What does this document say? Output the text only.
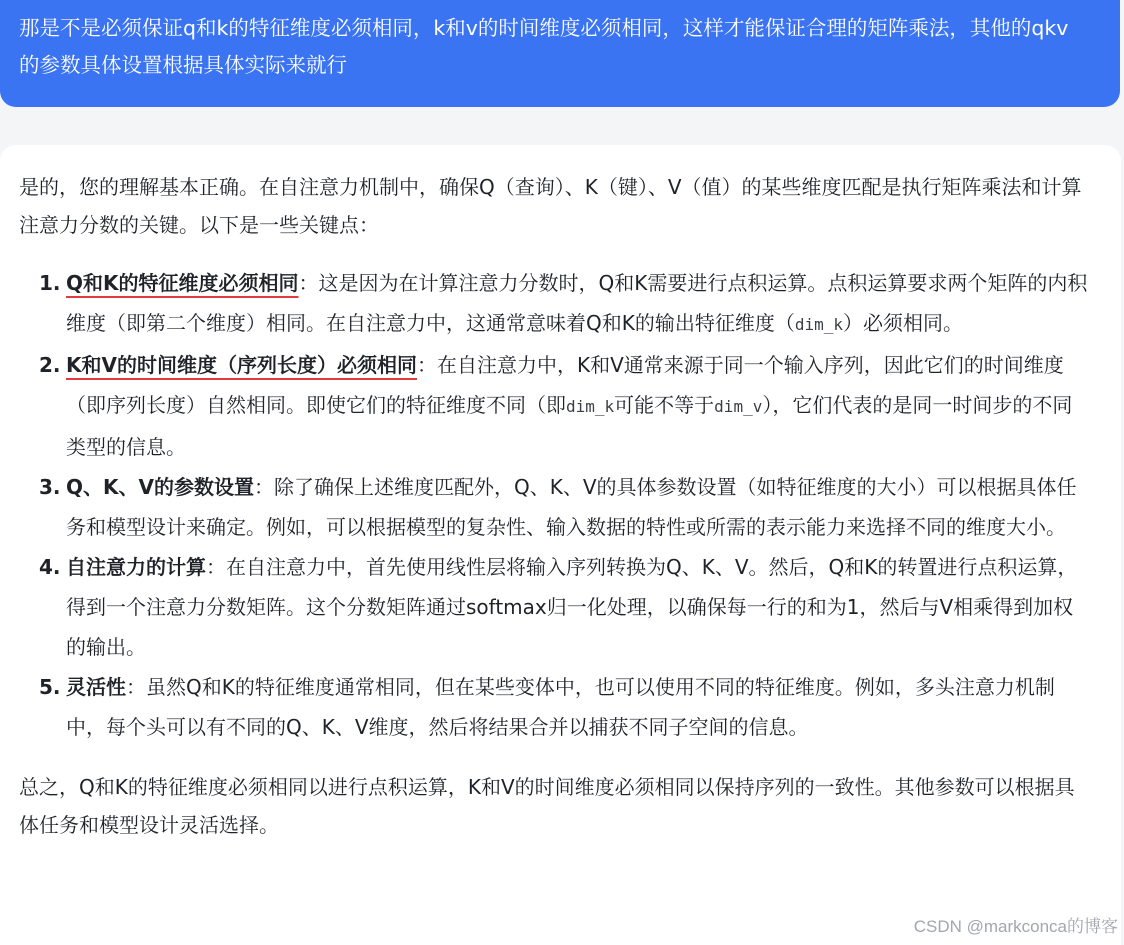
那是不是必须保证q和k的特征维度必须相同，k和v的时间维度必须相同，这样才能保证合理的矩阵乘法，其他的qkv的参数具体设置根据具体实际来就行

是的，您的理解基本正确。在自注意力机制中，确保Q（查询）、K（键）、V（值）的某些维度匹配是执行矩阵乘法和计算注意力分数的关键。以下是一些关键点：

1. Q和K的特征维度必须相同：这是因为在计算注意力分数时，Q和K需要进行点积运算。点积运算要求两个矩阵的内积维度（即第二个维度）相同。在自注意力中，这通常意味着Q和K的输出特征维度（dim_k）必须相同。
2. K和V的时间维度（序列长度）必须相同：在自注意力中，K和V通常来源于同一个输入序列，因此它们的时间维度（即序列长度）自然相同。即使它们的特征维度不同（即dim_k可能不等于dim_v），它们代表的是同一时间步的不同类型的信息。
3. Q、K、V的参数设置：除了确保上述维度匹配外，Q、K、V的具体参数设置（如特征维度的大小）可以根据具体任务和模型设计来确定。例如，可以根据模型的复杂性、输入数据的特性或所需的表示能力来选择不同的维度大小。
4. 自注意力的计算：在自注意力中，首先使用线性层将输入序列转换为Q、K、V。然后，Q和K的转置进行点积运算，得到一个注意力分数矩阵。这个分数矩阵通过softmax归一化处理，以确保每一行的和为1，然后与V相乘得到加权的输出。
5. 灵活性：虽然Q和K的特征维度通常相同，但在某些变体中，也可以使用不同的特征维度。例如，多头注意力机制中，每个头可以有不同的Q、K、V维度，然后将结果合并以捕获不同子空间的信息。

总之，Q和K的特征维度必须相同以进行点积运算，K和V的时间维度必须相同以保持序列的一致性。其他参数可以根据具体任务和模型设计灵活选择。

CSDN @markconca的博客
